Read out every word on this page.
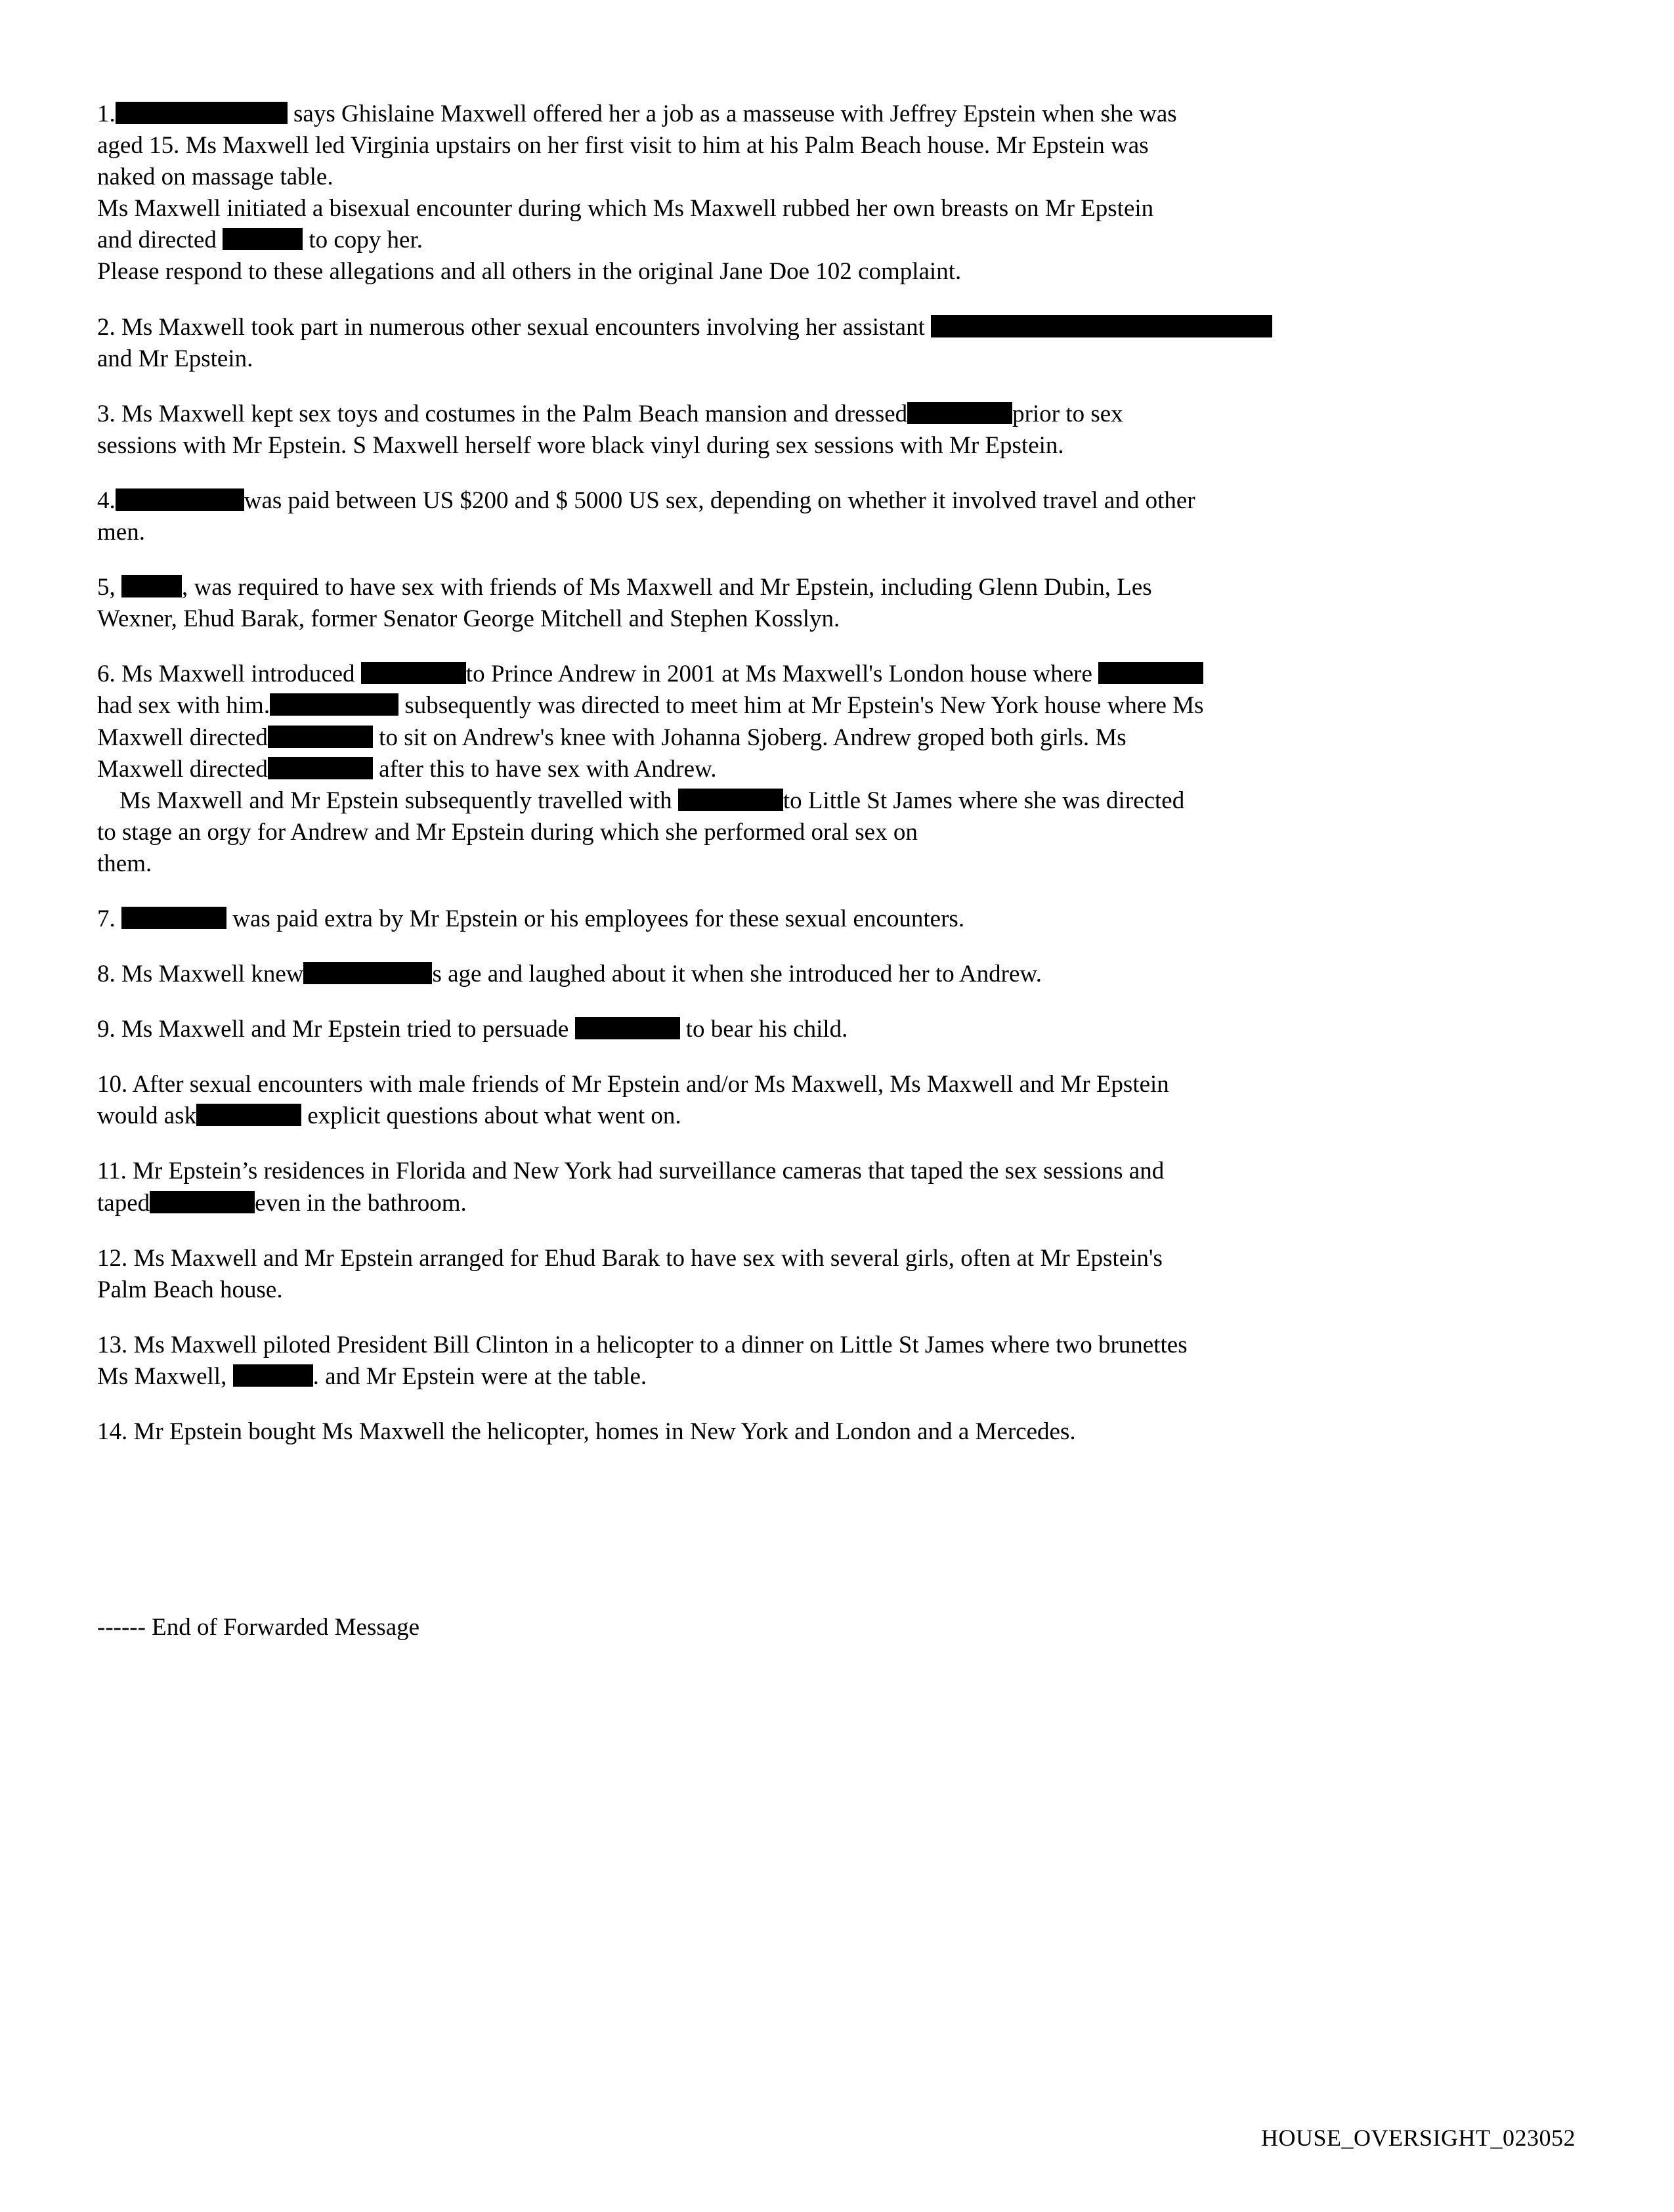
1.	says Ghislaine Maxwell offered her a job as a masseuse with Jeffrey Epstein when she was

aged 15. Ms Maxwell led Virginia upstairs on her first visit to him at his Palm Beach house. Mr Epstein was

naked on massage table.

Ms Maxwell initiated a bisexual encounter during which Ms Maxwell rubbed her own breasts on Mr Epstein

and directed	to copy her.

Please respond to these allegations and all others in the original Jane Doe 102 complaint.

2. Ms Maxwell took part in numerous other sexual encounters involving her assistant

and Mr Epstein.

3. Ms Maxwell kept sex toys and costumes in the Palm Beach mansion and dressed	prior to sex

sessions with Mr Epstein. S Maxwell herself wore black vinyl during sex sessions with Mr Epstein.

4.	was paid between US $200 and $ 5000 US sex, depending on whether it involved travel and other

men.

5, , was required to have sex with friends of Ms Maxwell and Mr Epstein, including Glenn Dubin, Les

Wexner, Ehud Barak, former Senator George Mitchell and Stephen Kosslyn.

6. Ms Maxwell introduced	to Prince Andrew in 2001 at Ms Maxwell's London house where

had sex with him.	subsequently was directed to meet him at Mr Epstein's New York house where Ms

Maxwell directed	to sit on Andrew's knee with Johanna Sjoberg. Andrew groped both girls. Ms

Maxwell directed	after this to have sex with Andrew.

Ms Maxwell and Mr Epstein subsequently travelled with	to Little St James where she was directed

to stage an orgy for Andrew and Mr Epstein during which she performed oral sex on

them.

7.	was paid extra by Mr Epstein or his employees for these sexual encounters.

8. Ms Maxwell knew	s age and laughed about it when she introduced her to Andrew.

9. Ms Maxwell and Mr Epstein tried to persuade	to bear his child.

10. After sexual encounters with male friends of Mr Epstein and/or Ms Maxwell, Ms Maxwell and Mr Epstein

would ask	explicit questions about what went on.

11. Mr Epstein’s residences in Florida and New York had surveillance cameras that taped the sex sessions and

taped	even in the bathroom.

12. Ms Maxwell and Mr Epstein arranged for Ehud Barak to have sex with several girls, often at Mr Epstein's

Palm Beach house.

13. Ms Maxwell piloted President Bill Clinton in a helicopter to a dinner on Little St James where two brunettes

Ms Maxwell,	. and Mr Epstein were at the table.

14. Mr Epstein bought Ms Maxwell the helicopter, homes in New York and London and a Mercedes.

------ End of Forwarded Message
HOUSE_OVERSIGHT_023052
